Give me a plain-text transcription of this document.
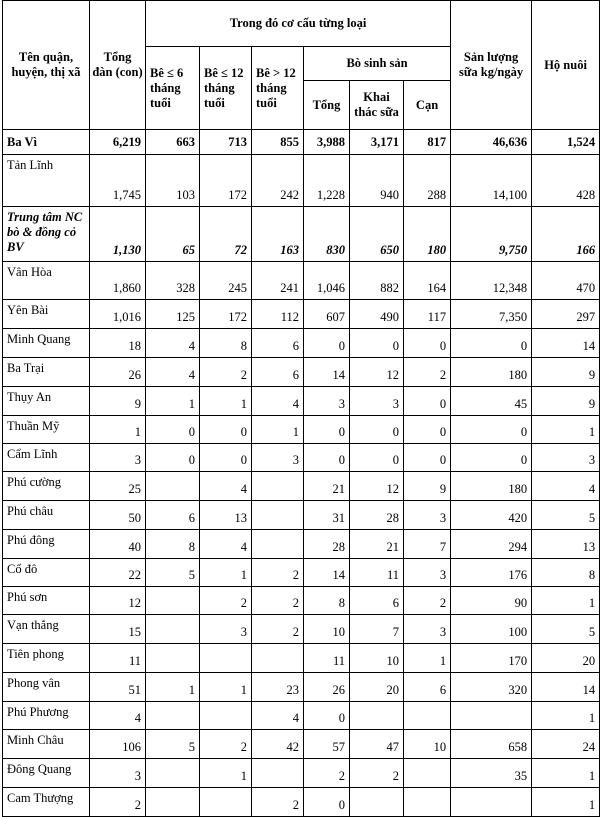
Tên quận, huyện, thị xã	Tổng đàn (con)	Trong đó cơ cấu từng loại						Sản lượng sữa kg/ngày	Hộ nuôi
		Bê ≤ 6 tháng tuổi	Bê ≤ 12 tháng tuổi	Bê > 12 tháng tuổi	Bò sinh sản				
					Tổng	Khai thác sữa	Cạn		
Ba Vì	6,219	663	713	855	3,988	3,171	817	46,636	1,524
Tản Lĩnh	1,745	103	172	242	1,228	940	288	14,100	428
Trung tâm NC bò & đồng cỏ BV	1,130	65	72	163	830	650	180	9,750	166
Vân Hòa	1,860	328	245	241	1,046	882	164	12,348	470
Yên Bài	1,016	125	172	112	607	490	117	7,350	297
Minh Quang	18	4	8	6	0	0	0	0	14
Ba Trại	26	4	2	6	14	12	2	180	9
Thụy An	9	1	1	4	3	3	0	45	9
Thuần Mỹ	1	0	0	1	0	0	0	0	1
Cẩm Lĩnh	3	0	0	3	0	0	0	0	3
Phú cường	25		4		21	12	9	180	4
Phú châu	50	6	13		31	28	3	420	5
Phú đông	40	8	4		28	21	7	294	13
Cổ đô	22	5	1	2	14	11	3	176	8
Phú sơn	12		2	2	8	6	2	90	1
Vạn thắng	15		3	2	10	7	3	100	5
Tiên phong	11				11	10	1	170	20
Phong vân	51	1	1	23	26	20	6	320	14
Phú Phương	4			4	0				1
Minh Châu	106	5	2	42	57	47	10	658	24
Đông Quang	3		1		2	2		35	1
Cam Thượng	2			2	0				1
